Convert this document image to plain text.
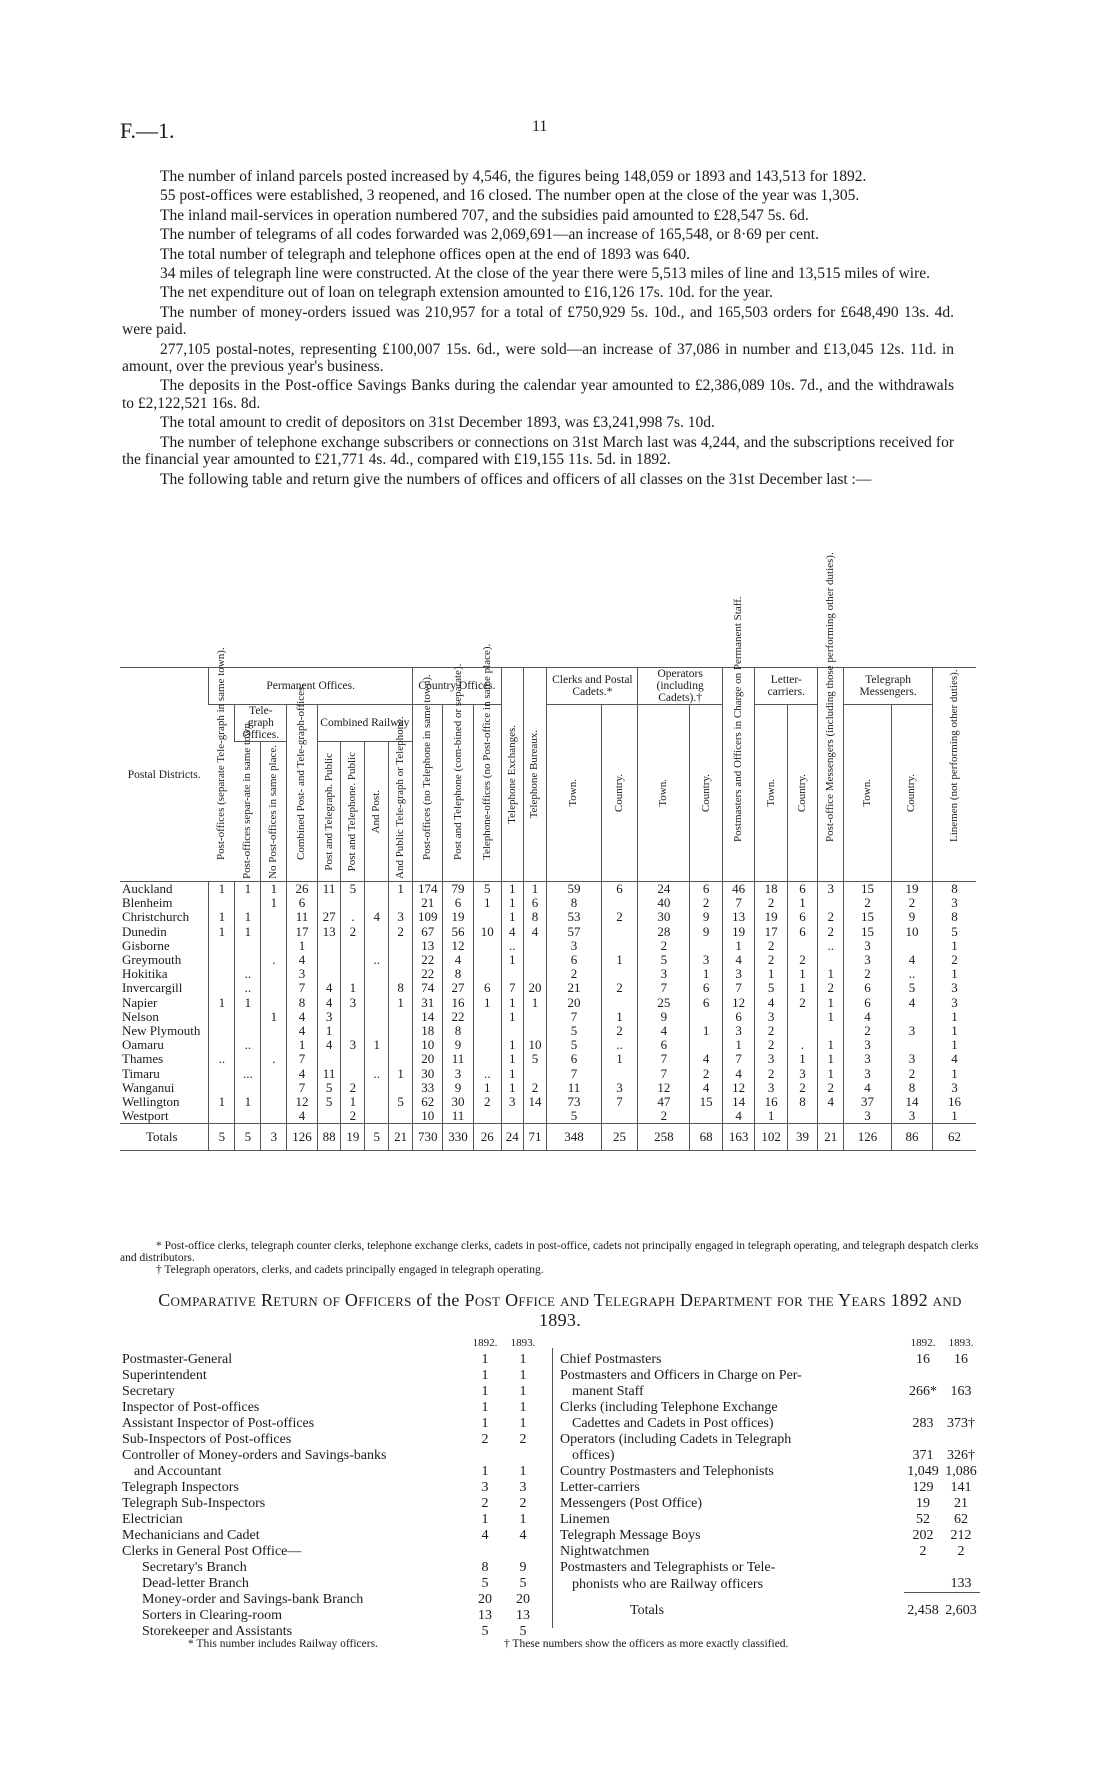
F.—1.	11

The number of inland parcels posted increased by 4,546, the figures being 148,059 or 1893 and 143,513 for 1892.

55 post-offices were established, 3 reopened, and 16 closed. The number open at the close of the year was 1,305.

The inland mail-services in operation numbered 707, and the subsidies paid amounted to £28,547 5s. 6d.

The number of telegrams of all codes forwarded was 2,069,691—an increase of 165,548, or 8·69 per cent.

The total number of telegraph and telephone offices open at the end of 1893 was 640.

34 miles of telegraph line were constructed. At the close of the year there were 5,513 miles of line and 13,515 miles of wire.

The net expenditure out of loan on telegraph extension amounted to £16,126 17s. 10d. for the year.

The number of money-orders issued was 210,957 for a total of £750,929 5s. 10d., and 165,503 orders for £648,490 13s. 4d. were paid.

277,105 postal-notes, representing £100,007 15s. 6d., were sold—an increase of 37,086 in number and £13,045 12s. 11d. in amount, over the previous year's business.

The deposits in the Post-office Savings Banks during the calendar year amounted to £2,386,089 10s. 7d., and the withdrawals to £2,122,521 16s. 8d.

The total amount to credit of depositors on 31st December 1893, was £3,241,998 7s. 10d.

The number of telephone exchange subscribers or connections on 31st March last was 4,244, and the subscriptions received for the financial year amounted to £21,771 4s. 4d., compared with £19,155 11s. 5d. in 1892.

The following table and return give the numbers of offices and officers of all classes on the 31st December last :—

Postal Districts.	Permanent Offices.								Country Offices.			Telephone Exchanges.	Telephone Bureaux.	Clerks and Postal Cadets.*		Operators (including Cadets).†		Postmasters and Officers in Charge on Permanent Staff.	Letter-carriers.		Post-office Messengers (including those performing other duties).	Telegraph Messengers.		Linemen (not performing other duties).

	Post-offices (separate Tele-graph in same town).	Tele-graph Offices.		Combined Post- and Tele-graph-offices.	Combined Railway				Post-offices (no Telephone in same town).	Post and Telephone (com-bined or separate).	Telephone-offices (no Post-office in same place).			Town.	Country.	Town.	Country.		Town.	Country.		Town.	Country.	

		Post-offices separ-ate in same town.	No Post-offices in same place.		Post and Telegraph. Public	Post and Telephone. Public	And Post.	And Public Tele-graph or Telephone.																

Auckland	1	1	1	26	11	5		1	174	79	5	1	1	59	6	24	6	46	18	6	3	15	19	8
Blenheim			1	6					21	6	1	1	6	8		40	2	7	2	1		2	2	3
Christchurch	1	1		11	27	.	4	3	109	19		1	8	53	2	30	9	13	19	6	2	15	9	8
Dunedin	1	1		17	13	2		2	67	56	10	4	4	57		28	9	19	17	6	2	15	10	5
Gisborne				1					13	12		..		3		2		1	2		..	3		1
Greymouth			.	4			..		22	4		1		6	1	5	3	4	2	2		3	4	2
Hokitika		..		3					22	8				2		3	1	3	1	1	1	2	..	1
Invercargill		..		7	4	1		8	74	27	6	7	20	21	2	7	6	7	5	1	2	6	5	3
Napier	1	1		8	4	3		1	31	16	1	1	1	20		25	6	12	4	2	1	6	4	3
Nelson			1	4	3				14	22		1		7	1	9		6	3		1	4		1
New Plymouth				4	1				18	8				5	2	4	1	3	2			2	3	1
Oamaru		..		1	4	3	1		10	9		1	10	5	..	6		1	2	.	1	3		1
Thames	..		.	7					20	11		1	5	6	1	7	4	7	3	1	1	3	3	4
Timaru		...		4	11		..	1	30	3	..	1		7		7	2	4	2	3	1	3	2	1
Wanganui				7	5	2			33	9	1	1	2	11	3	12	4	12	3	2	2	4	8	3
Wellington	1	1		12	5	1		5	62	30	2	3	14	73	7	47	15	14	16	8	4	37	14	16
Westport				4		2			10	11				5		2		4	1			3	3	1
Totals	5	5	3	126	88	19	5	21	730	330	26	24	71	348	25	258	68	163	102	39	21	126	86	62

* Post-office clerks, telegraph counter clerks, telephone exchange clerks, cadets in post-office, cadets not principally engaged in telegraph operating, and telegraph despatch clerks and distributors.

† Telegraph operators, clerks, and cadets principally engaged in telegraph operating.

Comparative Return of Officers of the Post Office and Telegraph Department for the Years 1892 and 1893.
	1892.	1893.
Postmaster-General	1	1
Superintendent	1	1
Secretary	1	1
Inspector of Post-offices	1	1
Assistant Inspector of Post-offices	1	1
Sub-Inspectors of Post-offices	2	2
Controller of Money-orders and Savings-banks		
and Accountant	1	1
Telegraph Inspectors	3	3
Telegraph Sub-Inspectors	2	2
Electrician	1	1
Mechanicians and Cadet	4	4
Clerks in General Post Office—		
Secretary's Branch	8	9
Dead-letter Branch	5	5
Money-order and Savings-bank Branch	20	20
Sorters in Clearing-room	13	13
Storekeeper and Assistants	5	5
	1892.	1893.
Chief Postmasters	16	16
Postmasters and Officers in Charge on Per-		
manent Staff	266*	163
Clerks (including Telephone Exchange		
Cadettes and Cadets in Post offices)	283	373†
Operators (including Cadets in Telegraph		
offices)	371	326†
Country Postmasters and Telephonists	1,049	1,086
Letter-carriers	129	141
Messengers (Post Office)	19	21
Linemen	52	62
Telegraph Message Boys	202	212
Nightwatchmen	2	2
Postmasters and Telegraphists or Tele-		
phonists who are Railway officers		133
Totals	2,458	2,603
* This number includes Railway officers.	† These numbers show the officers as more exactly classified.
